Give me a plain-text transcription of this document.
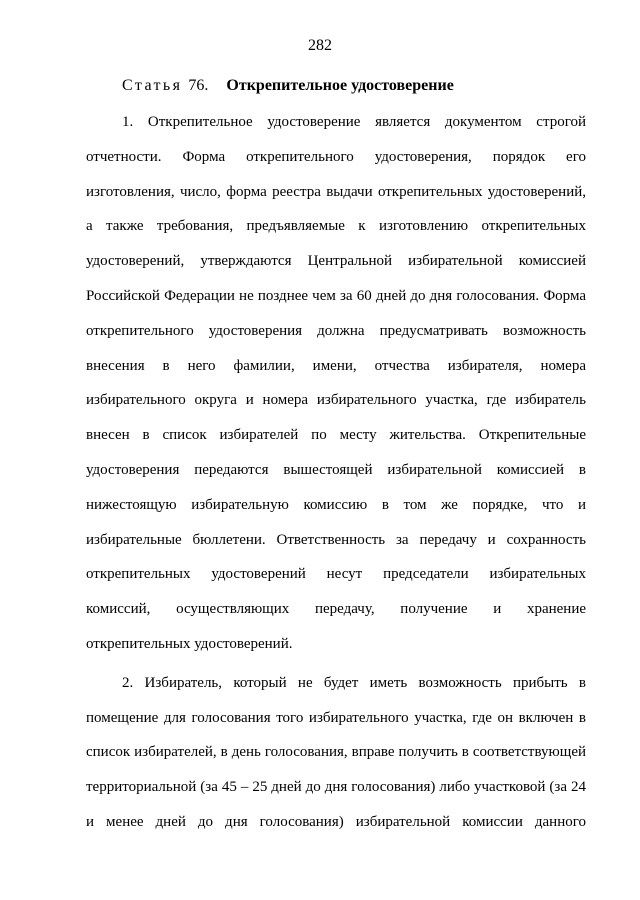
282
Статья 76. Открепительное удостоверение
1. Открепительное удостоверение является документом строгой
отчетности. Форма открепительного удостоверения, порядок его
изготовления, число, форма реестра выдачи открепительных удостоверений,
а также требования, предъявляемые к изготовлению открепительных
удостоверений, утверждаются Центральной избирательной комиссией
Российской Федерации не позднее чем за 60 дней до дня голосования. Форма
открепительного удостоверения должна предусматривать возможность
внесения в него фамилии, имени, отчества избирателя, номера
избирательного округа и номера избирательного участка, где избиратель
внесен в список избирателей по месту жительства. Открепительные
удостоверения передаются вышестоящей избирательной комиссией в
нижестоящую избирательную комиссию в том же порядке, что и
избирательные бюллетени. Ответственность за передачу и сохранность
открепительных удостоверений несут председатели избирательных
комиссий, осуществляющих передачу, получение и хранение
открепительных удостоверений.
2. Избиратель, который не будет иметь возможность прибыть в
помещение для голосования того избирательного участка, где он включен в
список избирателей, в день голосования, вправе получить в соответствующей
территориальной (за 45 – 25 дней до дня голосования) либо участковой (за 24
и менее дней до дня голосования) избирательной комиссии данного
